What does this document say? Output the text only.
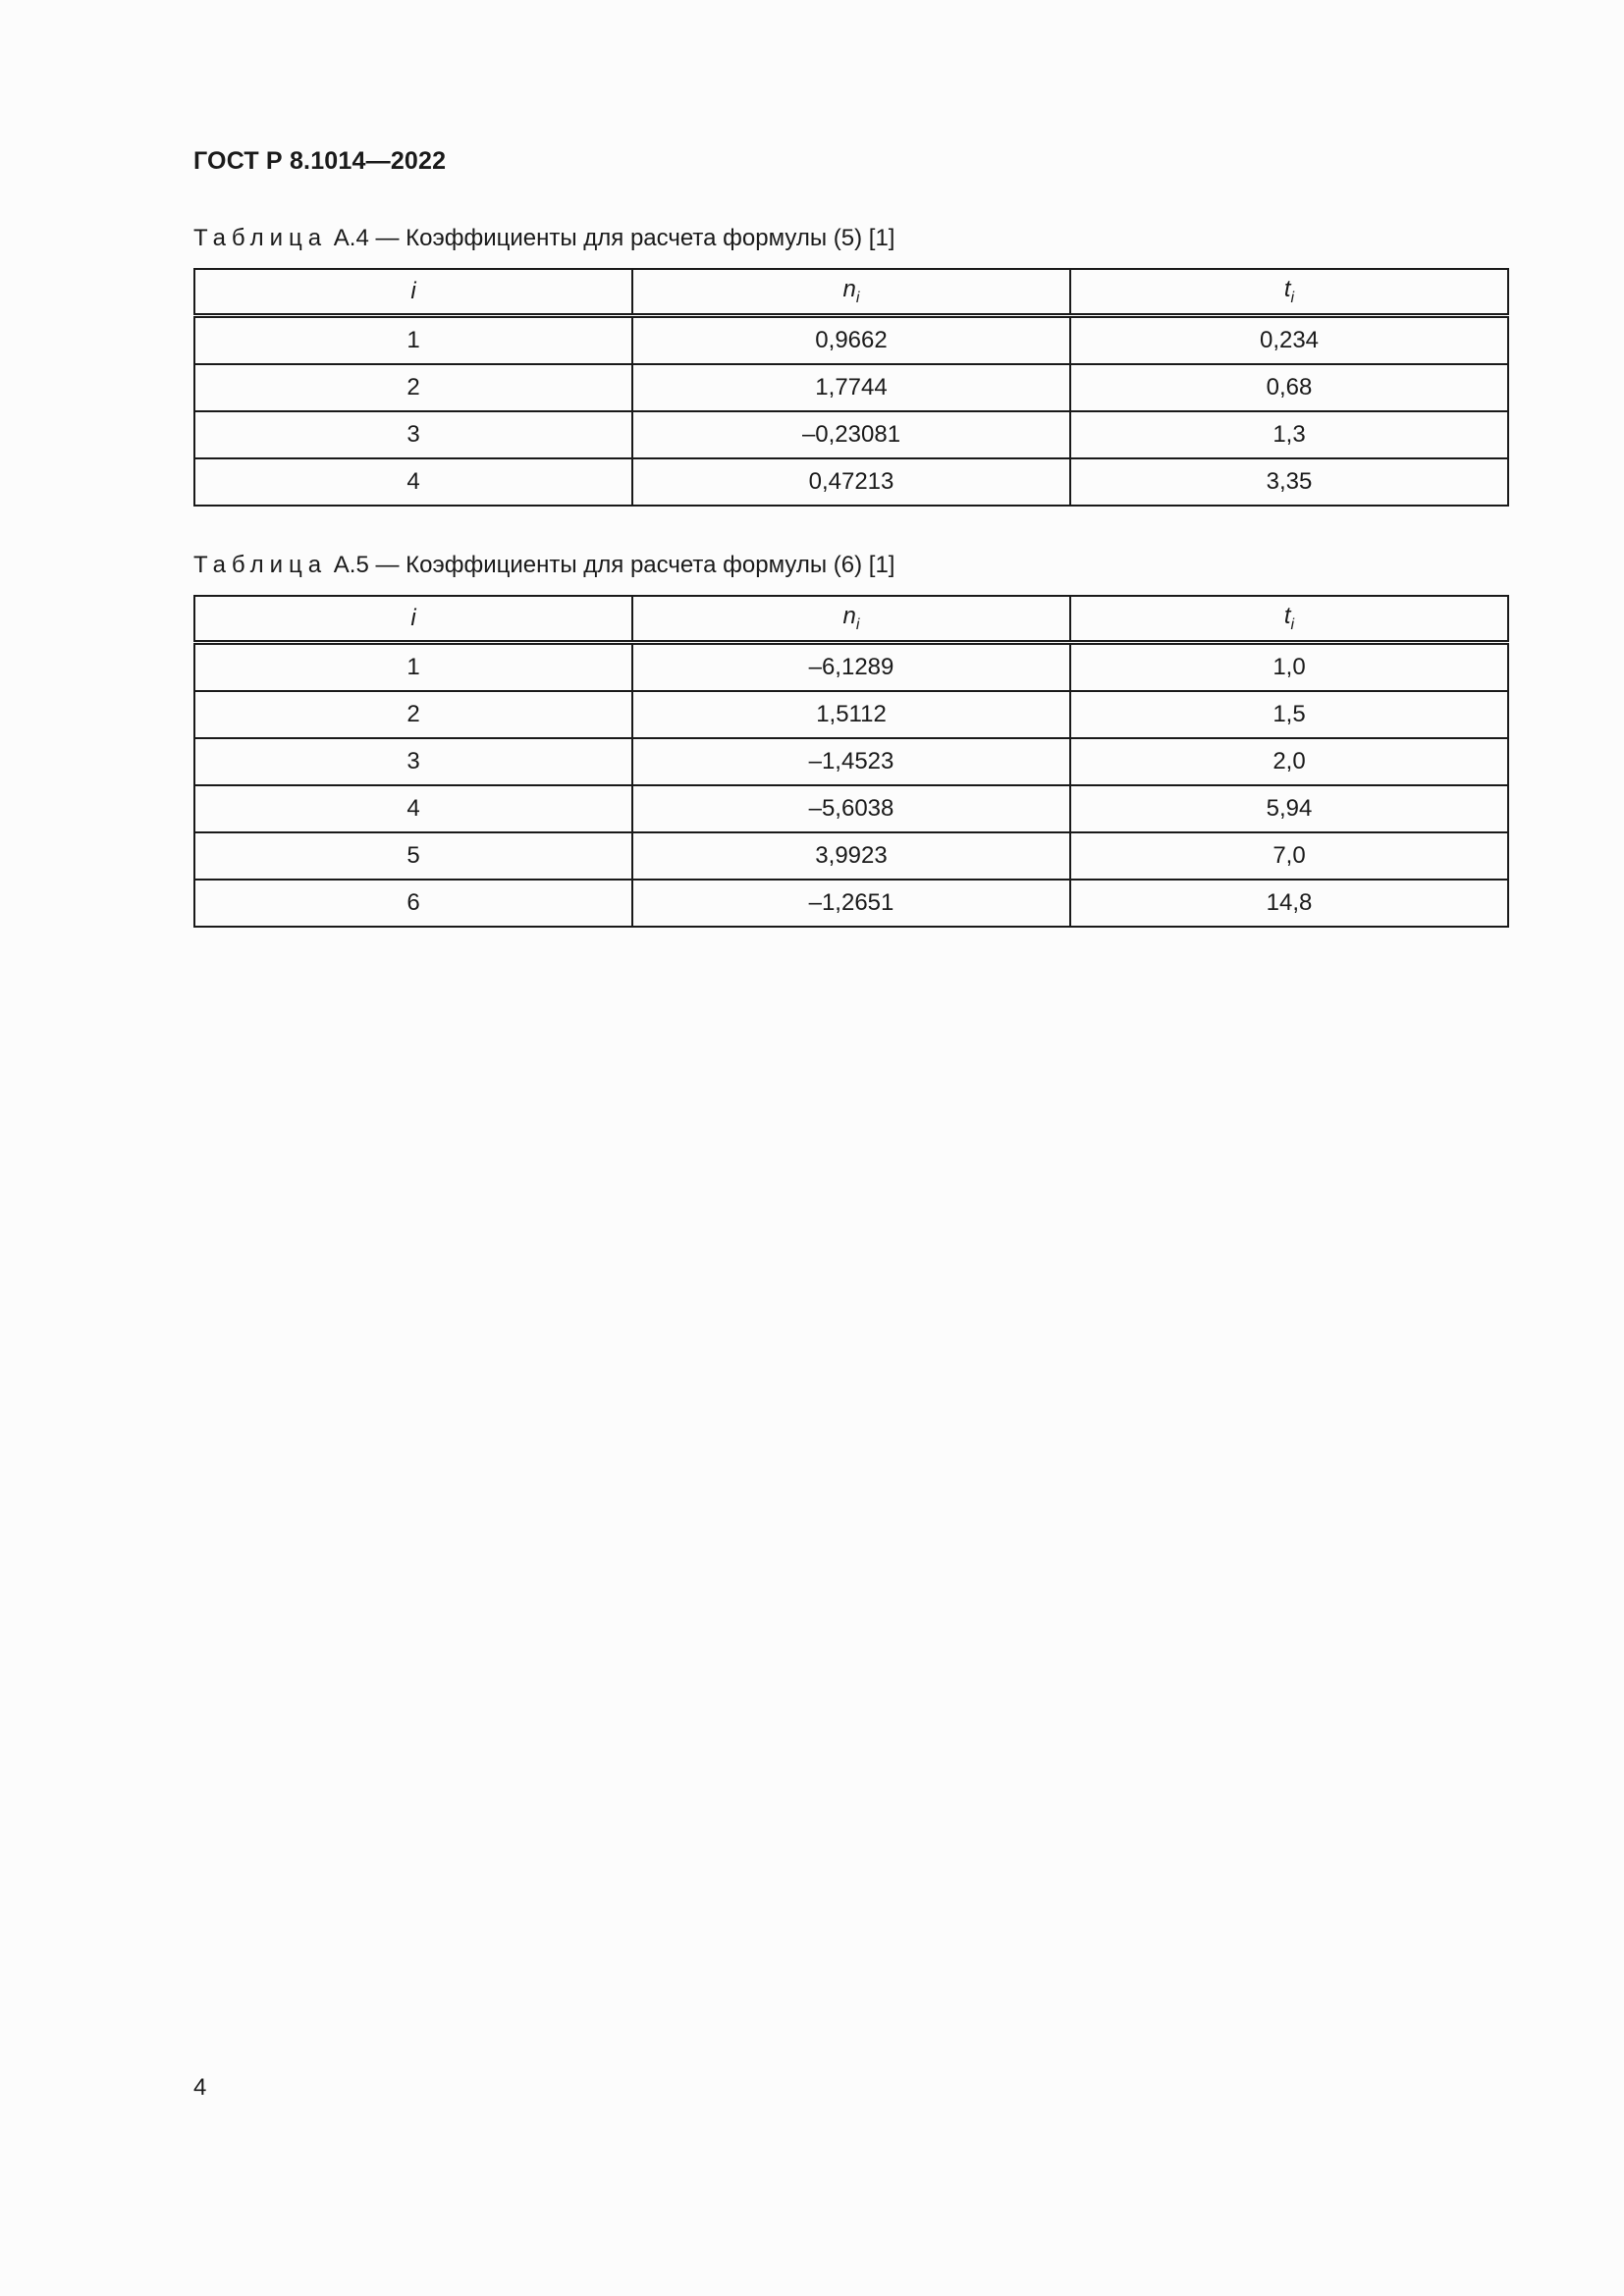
ГОСТ Р 8.1014—2022
Таблица А.4 — Коэффициенты для расчета формулы (5) [1]
i	$n_i$	$t_i$
1	0,9662	0,234
2	1,7744	0,68
3	–0,23081	1,3
4	0,47213	3,35
Таблица А.5 — Коэффициенты для расчета формулы (6) [1]
i	$n_i$	$t_i$
1	–6,1289	1,0
2	1,5112	1,5
3	–1,4523	2,0
4	–5,6038	5,94
5	3,9923	7,0
6	–1,2651	14,8
4
